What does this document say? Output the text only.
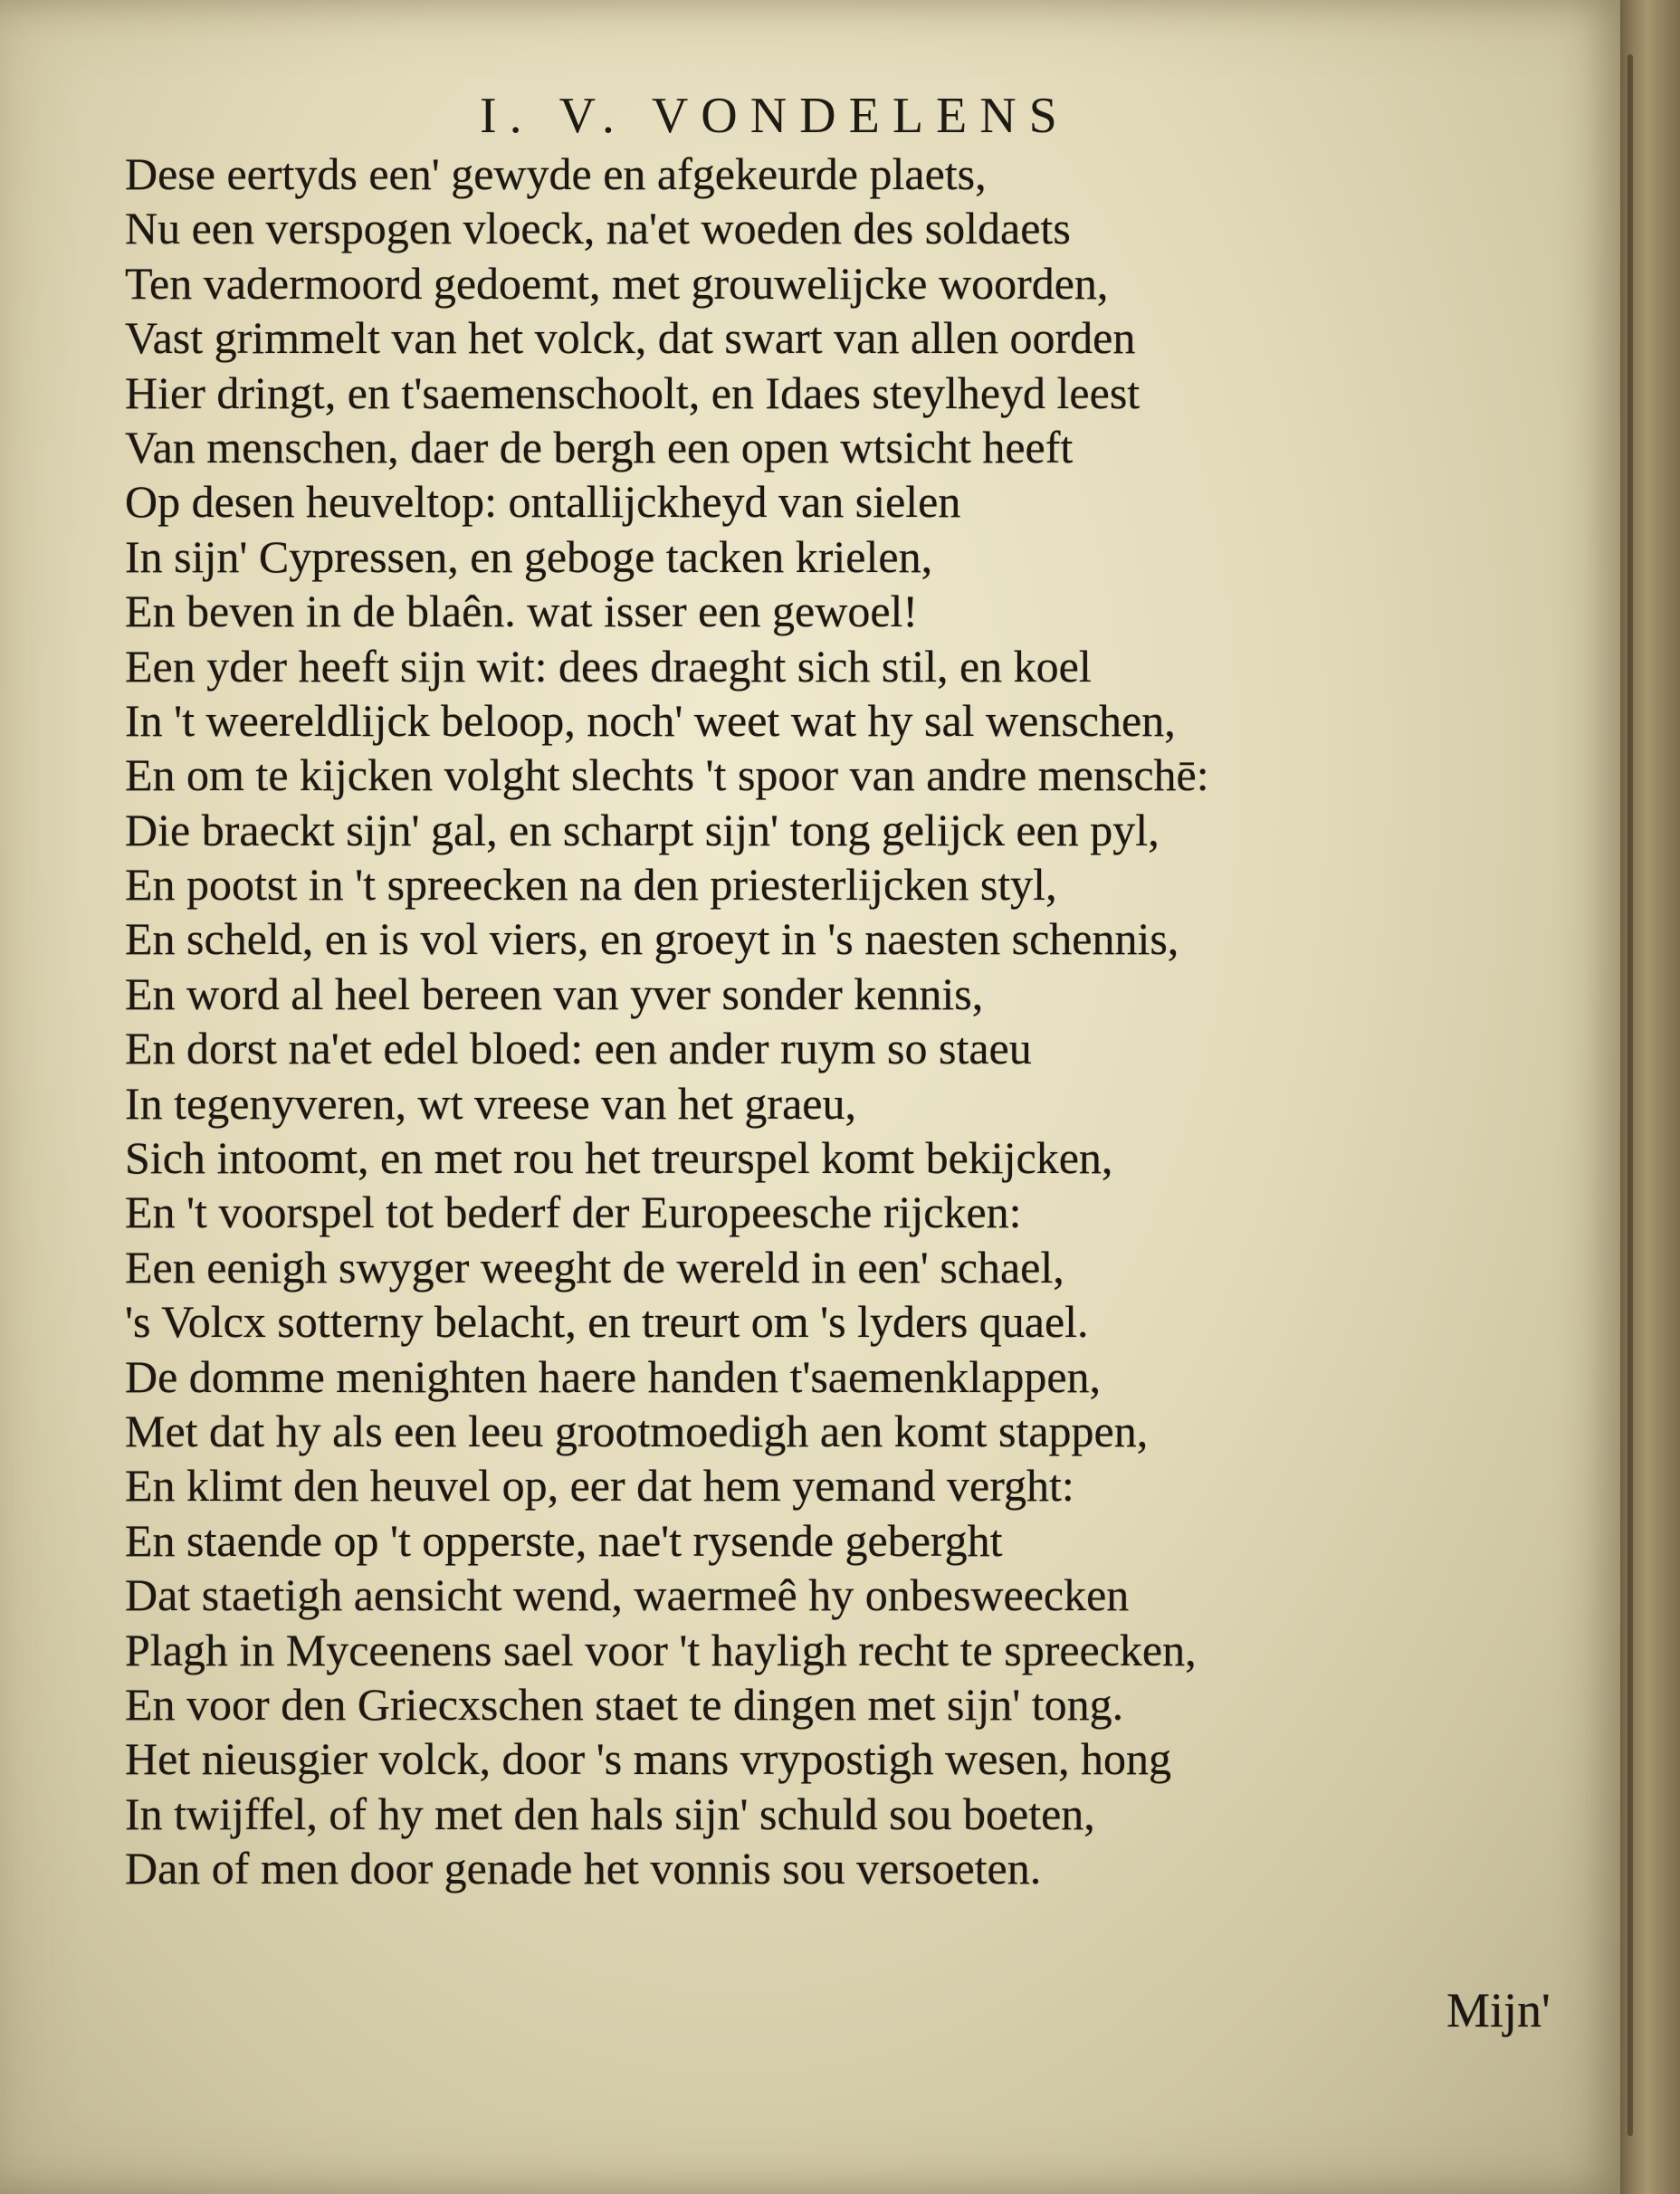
I. V. VONDELENS
Dese eertyds een' gewyde en afgekeurde plaets,
Nu een verspogen vloeck, na'et woeden des soldaets
Ten vadermoord gedoemt, met grouwelijcke woorden,
Vast grimmelt van het volck, dat swart van allen oorden
Hier dringt, en t'saemenschoolt, en Idaes steylheyd leest
Van menschen, daer de bergh een open wtsicht heeft
Op desen heuveltop: ontallijckheyd van sielen
In sijn' Cypressen, en geboge tacken krielen,
En beven in de blaên. wat isser een gewoel!
Een yder heeft sijn wit: dees draeght sich stil, en koel
In 't weereldlijck beloop, noch' weet wat hy sal wenschen,
En om te kijcken volght slechts 't spoor van andre menschē:
Die braeckt sijn' gal, en scharpt sijn' tong gelijck een pyl,
En pootst in 't spreecken na den priesterlijcken styl,
En scheld, en is vol viers, en groeyt in 's naesten schennis,
En word al heel bereen van yver sonder kennis,
En dorst na'et edel bloed: een ander ruym so staeu
In tegenyveren, wt vreese van het graeu,
Sich intoomt, en met rou het treurspel komt bekijcken,
En 't voorspel tot bederf der Europeesche rijcken:
Een eenigh swyger weeght de wereld in een' schael,
's Volcx sotterny belacht, en treurt om 's lyders quael.
De domme menighten haere handen t'saemenklappen,
Met dat hy als een leeu grootmoedigh aen komt stappen,
En klimt den heuvel op, eer dat hem yemand verght:
En staende op 't opperste, nae't rysende geberght
Dat staetigh aensicht wend, waermeê hy onbesweecken
Plagh in Myceenens sael voor 't hayligh recht te spreecken,
En voor den Griecxschen staet te dingen met sijn' tong.
Het nieusgier volck, door 's mans vrypostigh wesen, hong
In twijffel, of hy met den hals sijn' schuld sou boeten,
Dan of men door genade het vonnis sou versoeten.
Mijn'
